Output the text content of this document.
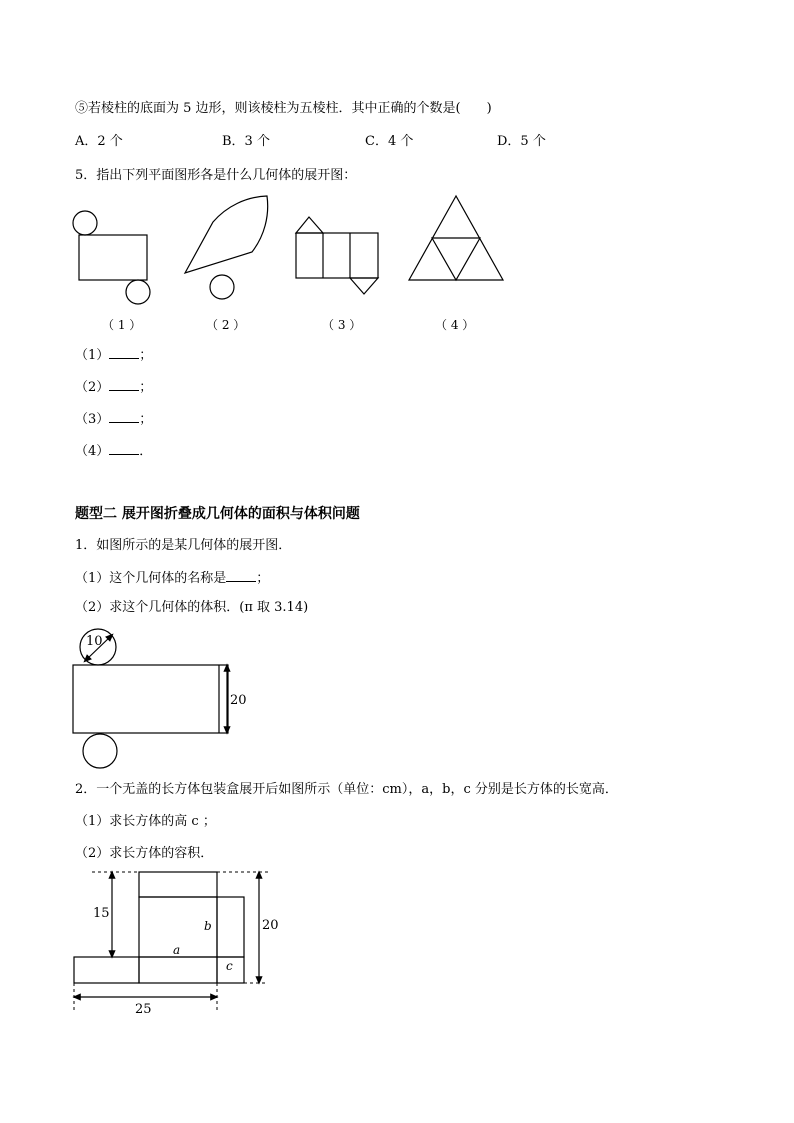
⑤若棱柱的底面为 5 边形，则该棱柱为五棱柱．其中正确的个数是(　　)
A．2 个	B．3 个	C．4 个	D．5 个
5．指出下列平面图形各是什么几何体的展开图：
（ 1 ）	（ 2 ）	（ 3 ）	（ 4 ）
（1） ；
（2） ；
（3） ；
（4） ．
题型二 展开图折叠成几何体的面积与体积问题
1．如图所示的是某几何体的展开图．
（1）这个几何体的名称是 ；
（2）求这个几何体的体积．(π 取 3.14)
10
20
2．一个无盖的长方体包装盒展开后如图所示（单位：cm），a，b，c 分别是长方体的长宽高．
（1）求长方体的高 c ；
（2）求长方体的容积．
15
20
25
a
b
c
